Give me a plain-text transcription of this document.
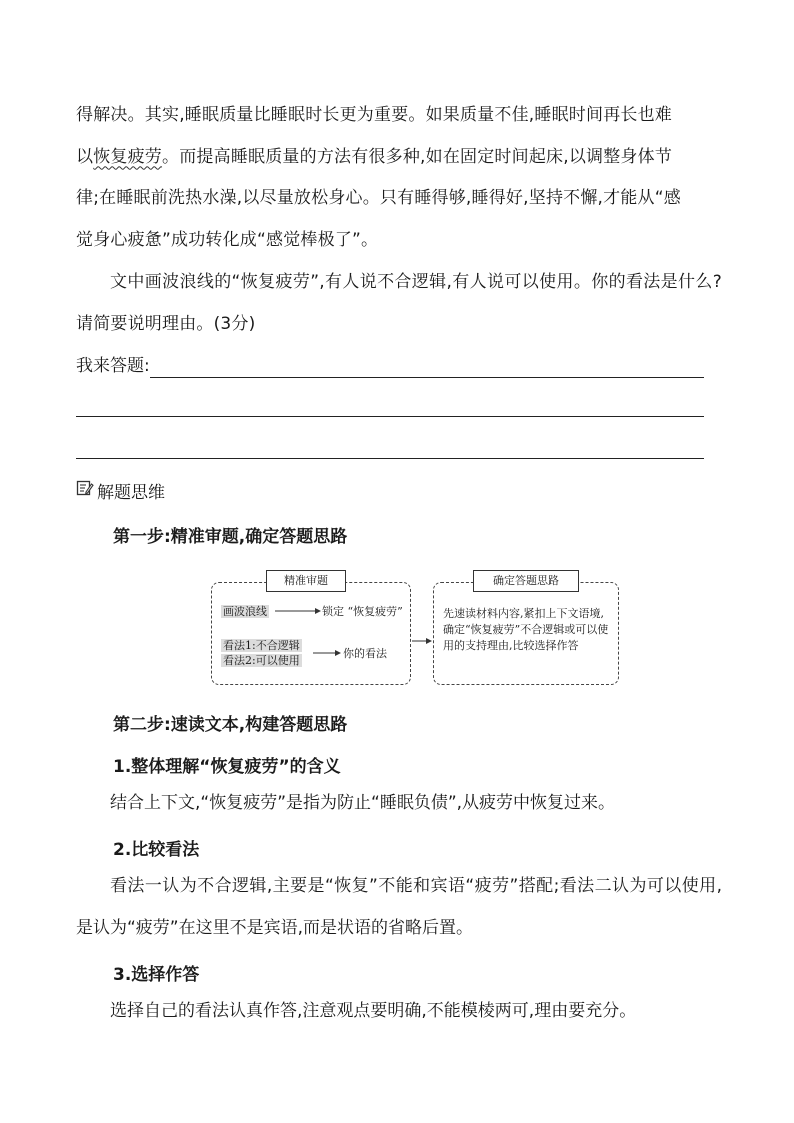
得解决。其实,睡眠质量比睡眠时长更为重要。如果质量不佳,睡眠时间再长也难
以恢复疲劳。而提高睡眠质量的方法有很多种,如在固定时间起床,以调整身体节
律;在睡眠前洗热水澡,以尽量放松身心。只有睡得够,睡得好,坚持不懈,才能从“感
觉身心疲惫”成功转化成“感觉棒极了”。

文中画波浪线的“恢复疲劳”,有人说不合逻辑,有人说可以使用。你的看法是什么?请简要说明理由。(3分)

我来答题:
解题思维
第一步:精准审题,确定答题思路
精准审题
画波浪线	锁定 “恢复疲劳”
看法1:不合逻辑
看法2:可以使用
你的看法
确定答题思路
先速读材料内容,紧扣上下文语境,确定“恢复疲劳”不合逻辑或可以使用的支持理由,比较选择作答
第二步:速读文本,构建答题思路
1.整体理解“恢复疲劳”的含义

结合上下文,“恢复疲劳”是指为防止“睡眠负债”,从疲劳中恢复过来。

2.比较看法

看法一认为不合逻辑,主要是“恢复”不能和宾语“疲劳”搭配;看法二认为可以使用,是认为“疲劳”在这里不是宾语,而是状语的省略后置。

3.选择作答

选择自己的看法认真作答,注意观点要明确,不能模棱两可,理由要充分。
